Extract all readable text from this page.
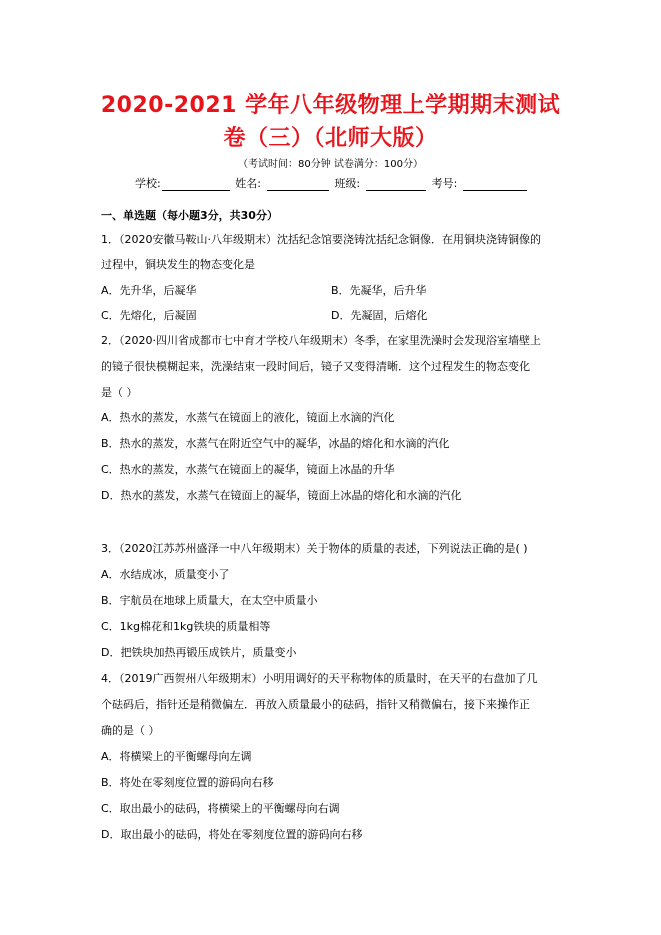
2020-2021 学年八年级物理上学期期末测试
卷（三）（北师大版）
（考试时间：80分钟 试卷满分：100分）
学校:	姓名:	班级:	考号:
一、单选题（每小题3分，共30分）
1．（2020安徽马鞍山·八年级期末）沈括纪念馆要浇铸沈括纪念铜像．在用铜块浇铸铜像的
过程中，铜块发生的物态变化是
A．先升华，后凝华	B．先凝华，后升华
C．先熔化，后凝固	D．先凝固，后熔化
2．（2020·四川省成都市七中育才学校八年级期末）冬季，在家里洗澡时会发现浴室墙壁上
的镜子很快模糊起来，洗澡结束一段时间后，镜子又变得清晰．这个过程发生的物态变化
是（ ）
A．热水的蒸发，水蒸气在镜面上的液化，镜面上水滴的汽化
B．热水的蒸发，水蒸气在附近空气中的凝华，冰晶的熔化和水滴的汽化
C．热水的蒸发，水蒸气在镜面上的凝华，镜面上冰晶的升华
D．热水的蒸发，水蒸气在镜面上的凝华，镜面上冰晶的熔化和水滴的汽化
3．（2020江苏苏州盛泽一中八年级期末）关于物体的质量的表述，下列说法正确的是( )
A．水结成冰，质量变小了
B．宇航员在地球上质量大，在太空中质量小
C．1kg棉花和1kg铁块的质量相等
D．把铁块加热再锻压成铁片，质量变小
4．（2019广西贺州八年级期末）小明用调好的天平称物体的质量时，在天平的右盘加了几
个砝码后，指针还是稍微偏左．再放入质量最小的砝码，指针又稍微偏右，接下来操作正
确的是（ ）
A．将横梁上的平衡螺母向左调
B．将处在零刻度位置的游码向右移
C．取出最小的砝码，将横梁上的平衡螺母向右调
D．取出最小的砝码，将处在零刻度位置的游码向右移
